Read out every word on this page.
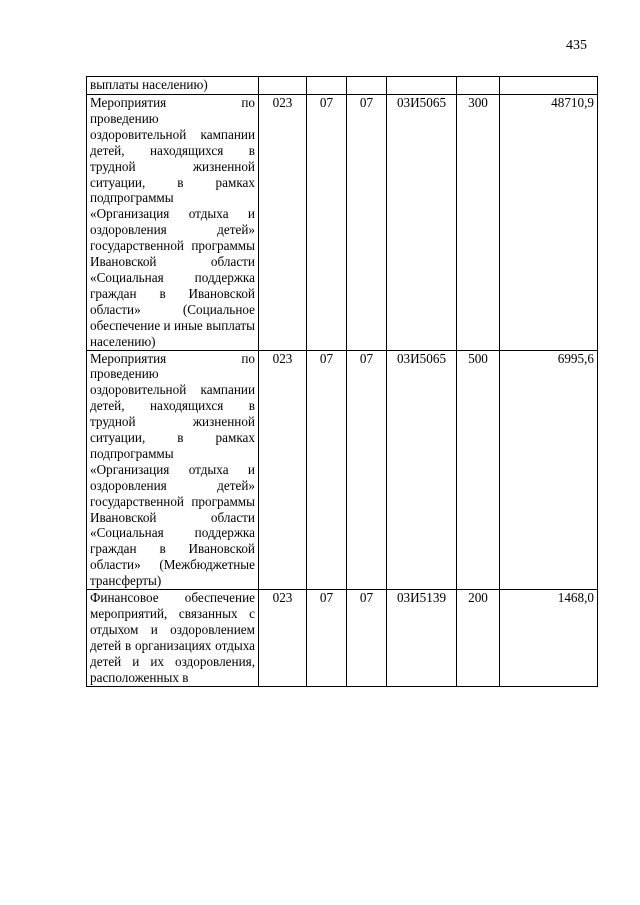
435
выплаты населению)						
Мероприятия по проведению оздоровительной кампании детей, находящихся в трудной жизненной ситуации, в рамках подпрограммы «Организация отдыха и оздоровления детей» государственной программы Ивановской области «Социальная поддержка граждан в Ивановской области» (Социальное обеспечение и иные выплаты населению)	023	07	07	03И5065	300	48710,9
Мероприятия по проведению оздоровительной кампании детей, находящихся в трудной жизненной ситуации, в рамках подпрограммы «Организация отдыха и оздоровления детей» государственной программы Ивановской области «Социальная поддержка граждан в Ивановской области» (Межбюджетные трансферты)	023	07	07	03И5065	500	6995,6
Финансовое обеспечение мероприятий, связанных с отдыхом и оздоровлением детей в организациях отдыха детей и их оздоровления, расположенных в	023	07	07	03И5139	200	1468,0
